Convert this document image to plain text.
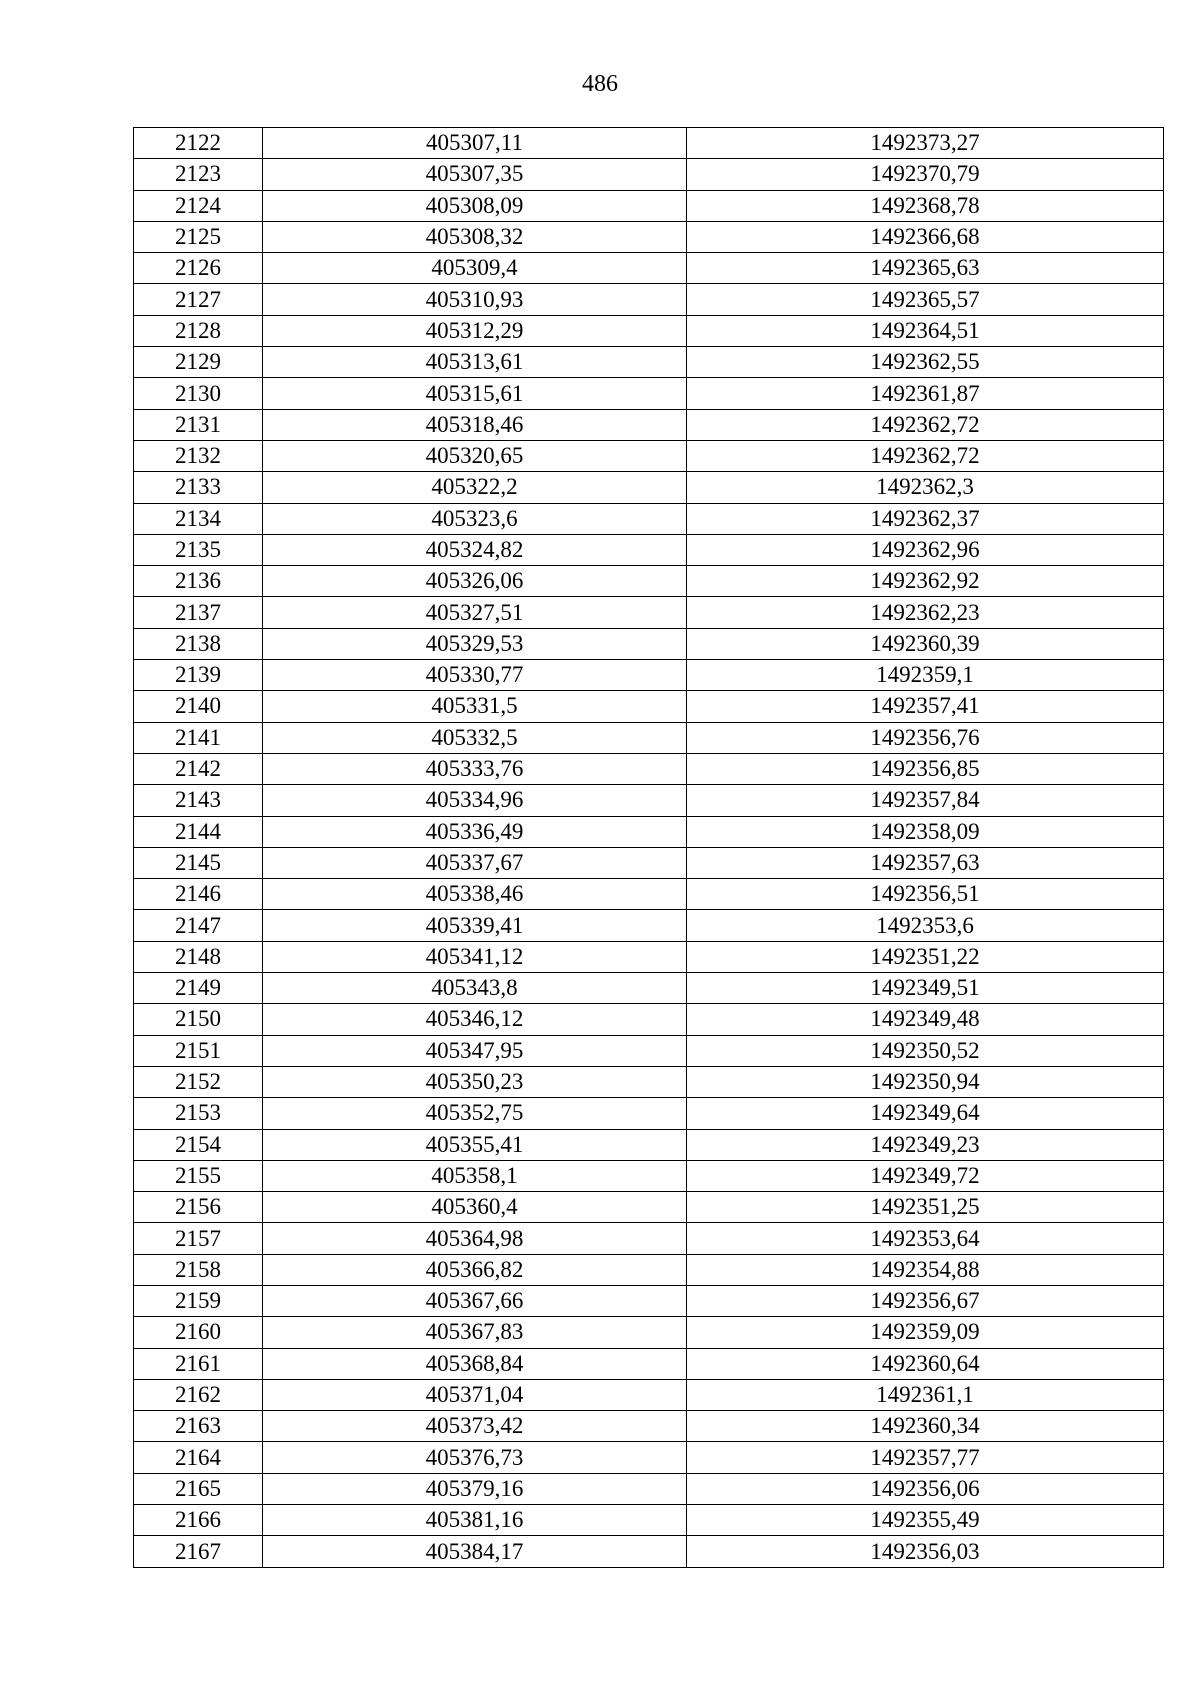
486
2122	405307,11	1492373,27
2123	405307,35	1492370,79
2124	405308,09	1492368,78
2125	405308,32	1492366,68
2126	405309,4	1492365,63
2127	405310,93	1492365,57
2128	405312,29	1492364,51
2129	405313,61	1492362,55
2130	405315,61	1492361,87
2131	405318,46	1492362,72
2132	405320,65	1492362,72
2133	405322,2	1492362,3
2134	405323,6	1492362,37
2135	405324,82	1492362,96
2136	405326,06	1492362,92
2137	405327,51	1492362,23
2138	405329,53	1492360,39
2139	405330,77	1492359,1
2140	405331,5	1492357,41
2141	405332,5	1492356,76
2142	405333,76	1492356,85
2143	405334,96	1492357,84
2144	405336,49	1492358,09
2145	405337,67	1492357,63
2146	405338,46	1492356,51
2147	405339,41	1492353,6
2148	405341,12	1492351,22
2149	405343,8	1492349,51
2150	405346,12	1492349,48
2151	405347,95	1492350,52
2152	405350,23	1492350,94
2153	405352,75	1492349,64
2154	405355,41	1492349,23
2155	405358,1	1492349,72
2156	405360,4	1492351,25
2157	405364,98	1492353,64
2158	405366,82	1492354,88
2159	405367,66	1492356,67
2160	405367,83	1492359,09
2161	405368,84	1492360,64
2162	405371,04	1492361,1
2163	405373,42	1492360,34
2164	405376,73	1492357,77
2165	405379,16	1492356,06
2166	405381,16	1492355,49
2167	405384,17	1492356,03
